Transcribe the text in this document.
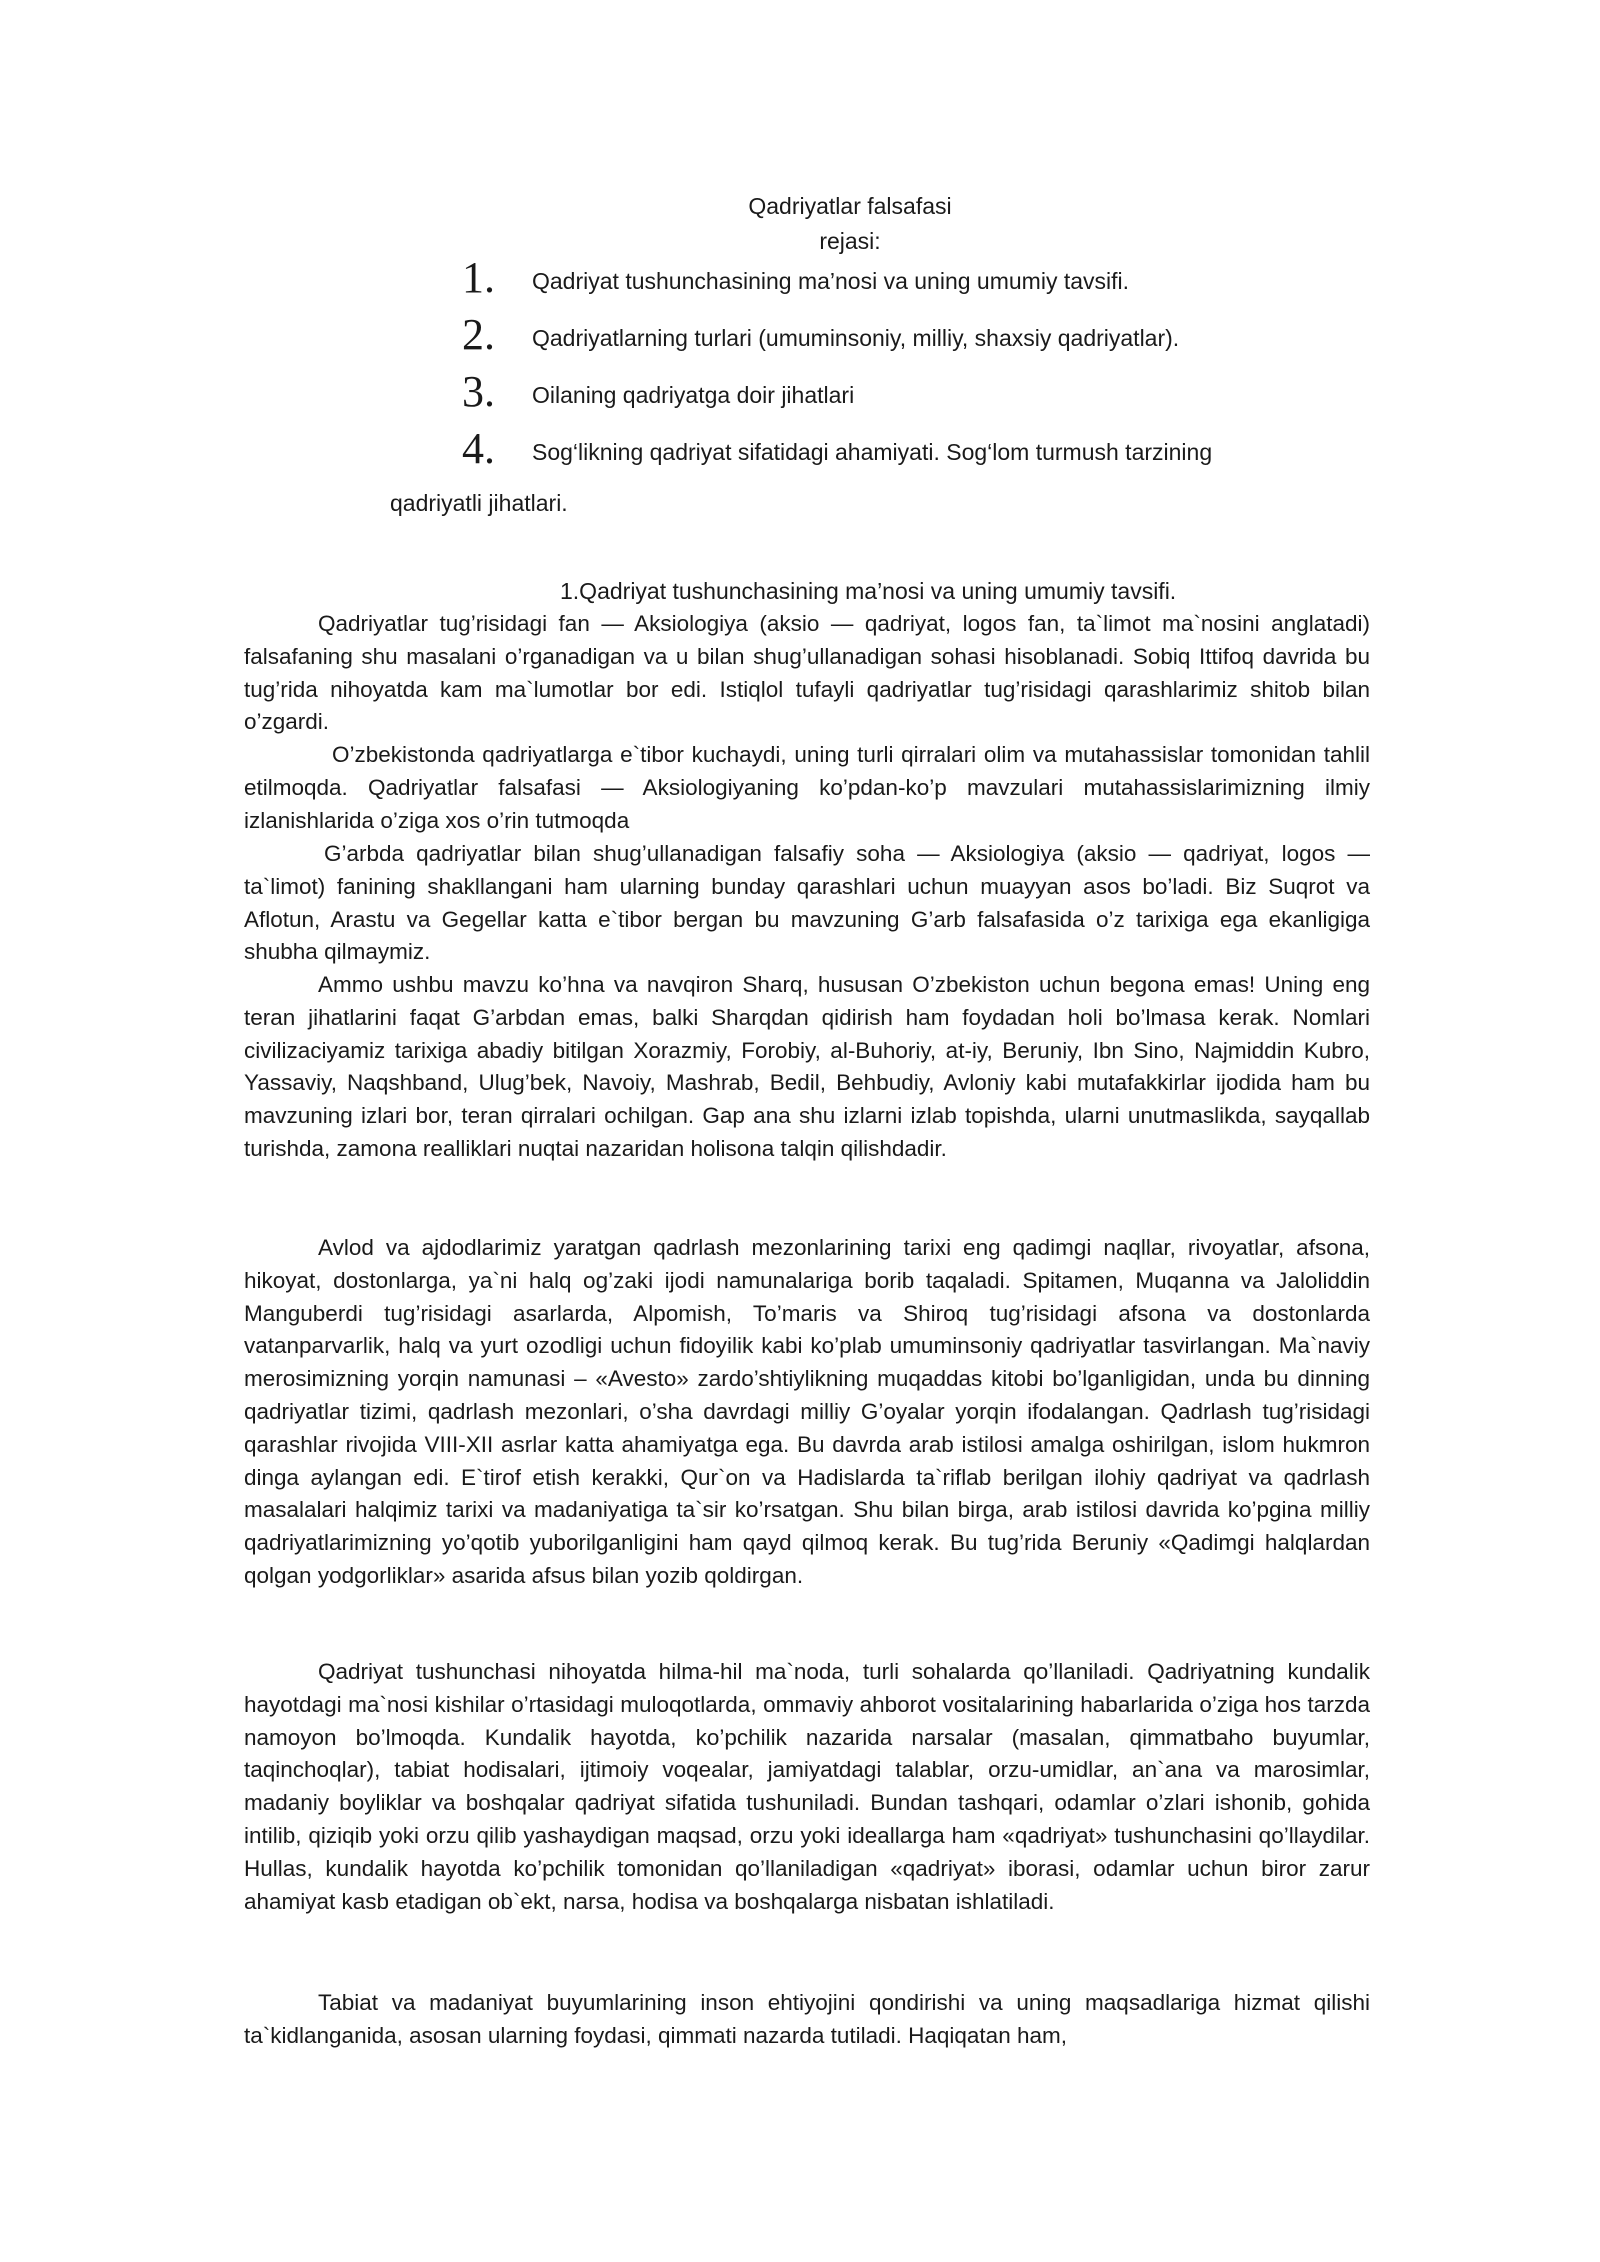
Qadriyatlar falsafasi
rejasi:
1.	Qadriyat tushunchasining ma’nosi va uning umumiy tavsifi.
2.	Qadriyatlarning turlari (umuminsoniy, milliy, shaxsiy qadriyatlar).
3.	Oilaning qadriyatga doir jihatlari
4.	Sog‘likning qadriyat sifatidagi ahamiyati. Sog‘lom turmush tarzining
qadriyatli jihatlari.
1.Qadriyat tushunchasining ma’nosi va uning umumiy tavsifi.

Qadriyatlar tug’risidagi fan — Aksiologiya (aksio — qadriyat, logos fan, ta`limot ma`nosini anglatadi) falsafaning shu masalani o’rganadigan va u bilan shug’ullanadigan sohasi hisoblanadi. Sobiq Ittifoq davrida bu tug’rida nihoyatda kam ma`lumotlar bor edi. Istiqlol tufayli qadriyatlar tug’risidagi qarashlarimiz shitob bilan o’zgardi.

O’zbekistonda qadriyatlarga e`tibor kuchaydi, uning turli qirralari olim va mutahassislar tomonidan tahlil etilmoqda. Qadriyatlar falsafasi — Aksiologiyaning ko’pdan-ko’p mavzulari mutahassislarimizning ilmiy izlanishlarida o’ziga xos o’rin tutmoqda

G’arbda qadriyatlar bilan shug’ullanadigan falsafiy soha — Aksiologiya (aksio — qadriyat, logos — ta`limot) fanining shakllangani ham ularning bunday qarashlari uchun muayyan asos bo’ladi. Biz Suqrot va Aflotun, Arastu va Gegellar katta e`tibor bergan bu mavzuning G’arb falsafasida o’z tarixiga ega ekanligiga shubha qilmaymiz.

Ammo ushbu mavzu ko’hna va navqiron Sharq, hususan O’zbekiston uchun begona emas! Uning eng teran jihatlarini faqat G’arbdan emas, balki Sharqdan qidirish ham foydadan holi bo’lmasa kerak. Nomlari civilizaciyamiz tarixiga abadiy bitilgan Xorazmiy, Forobiy, al-Buhoriy, at-iy, Beruniy, Ibn Sino, Najmiddin Kubro, Yassaviy, Naqshband, Ulug’bek, Navoiy, Mashrab, Bedil, Behbudiy, Avloniy kabi mutafakkirlar ijodida ham bu mavzuning izlari bor, teran qirralari ochilgan. Gap ana shu izlarni izlab topishda, ularni unutmaslikda, sayqallab turishda, zamona realliklari nuqtai nazaridan holisona talqin qilishdadir.

Avlod va ajdodlarimiz yaratgan qadrlash mezonlarining tarixi eng qadimgi naqllar, rivoyatlar, afsona, hikoyat, dostonlarga, ya`ni halq og’zaki ijodi namunalariga borib taqaladi. Spitamen, Muqanna va Jaloliddin Manguberdi tug’risidagi asarlarda, Alpomish, To’maris va Shiroq tug’risidagi afsona va dostonlarda vatanparvarlik, halq va yurt ozodligi uchun fidoyilik kabi ko’plab umuminsoniy qadriyatlar tasvirlangan. Ma`naviy merosimizning yorqin namunasi – «Avesto» zardo’shtiylikning muqaddas kitobi bo’lganligidan, unda bu dinning qadriyatlar tizimi, qadrlash mezonlari, o’sha davrdagi milliy G’oyalar yorqin ifodalangan. Qadrlash tug’risidagi qarashlar rivojida VIII-XII asrlar katta ahamiyatga ega. Bu davrda arab istilosi amalga oshirilgan, islom hukmron dinga aylangan edi. E`tirof etish kerakki, Qur`on va Hadislarda ta`riflab berilgan ilohiy qadriyat va qadrlash masalalari halqimiz tarixi va madaniyatiga ta`sir ko’rsatgan. Shu bilan birga, arab istilosi davrida ko’pgina milliy qadriyatlarimizning yo’qotib yuborilganligini ham qayd qilmoq kerak. Bu tug’rida Beruniy «Qadimgi halqlardan qolgan yodgorliklar» asarida afsus bilan yozib qoldirgan.

Qadriyat tushunchasi nihoyatda hilma-hil ma`noda, turli sohalarda qo’llaniladi. Qadriyatning kundalik hayotdagi ma`nosi kishilar o’rtasidagi muloqotlarda, ommaviy ahborot vositalarining habarlarida o’ziga hos tarzda namoyon bo’lmoqda. Kundalik hayotda, ko’pchilik nazarida narsalar (masalan, qimmatbaho buyumlar, taqinchoqlar), tabiat hodisalari, ijtimoiy voqealar, jamiyatdagi talablar, orzu-umidlar, an`ana va marosimlar, madaniy boyliklar va boshqalar qadriyat sifatida tushuniladi. Bundan tashqari, odamlar o’zlari ishonib, gohida intilib, qiziqib yoki orzu qilib yashaydigan maqsad, orzu yoki ideallarga ham «qadriyat» tushunchasini qo’llaydilar. Hullas, kundalik hayotda ko’pchilik tomonidan qo’llaniladigan «qadriyat» iborasi, odamlar uchun biror zarur ahamiyat kasb etadigan ob`ekt, narsa, hodisa va boshqalarga nisbatan ishlatiladi.

Tabiat va madaniyat buyumlarining inson ehtiyojini qondirishi va uning maqsadlariga hizmat qilishi ta`kidlanganida, asosan ularning foydasi, qimmati nazarda tutiladi. Haqiqatan ham,
